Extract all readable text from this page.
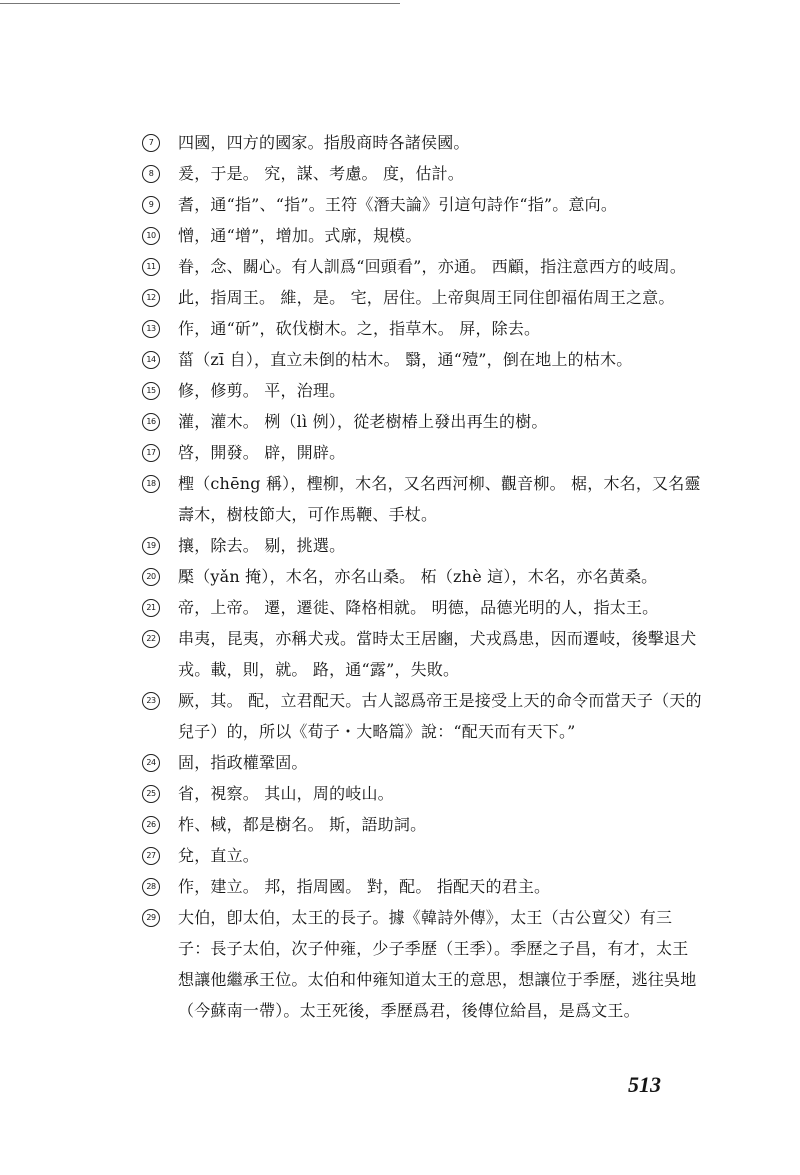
7	四國，四方的國家。指殷商時各諸侯國。
8	爰，于是。 究，謀、考慮。 度，估計。
9	耆，通“指”、“指”。王符《潛夫論》引這句詩作“指”。意向。
10 憎，通“增”，增加。式廓，規模。
11 眷，念、關心。有人訓爲“回頭看”，亦通。 西顧，指注意西方的岐周。
12 此，指周王。 維，是。 宅，居住。上帝與周王同住卽福佑周王之意。
13 作，通“斫”，砍伐樹木。之，指草木。 屏，除去。
14 菑（zī 自），直立未倒的枯木。 翳，通“殪”，倒在地上的枯木。
15 修，修剪。 平，治理。
16 灌，灌木。 栵（lì 例），從老樹椿上發出再生的樹。
17 啓，開發。 辟，開辟。
18 檉（chēng 稱），檉柳，木名，又名西河柳、觀音柳。 椐，木名，又名靈壽木，樹枝節大，可作馬鞭、手杖。
19 攘，除去。 剔，挑選。
20 檿（yǎn 掩），木名，亦名山桑。 柘（zhè 這），木名，亦名黃桑。
21 帝，上帝。 遷，遷徙、降格相就。 明德，品德光明的人，指太王。
22 串夷，昆夷，亦稱犬戎。當時太王居豳，犬戎爲患，因而遷岐，後擊退犬戎。載，則，就。 路，通“露”，失敗。
23 厥，其。 配，立君配天。古人認爲帝王是接受上天的命令而當天子（天的兒子）的，所以《荀子・大略篇》說：“配天而有天下。”
24 固，指政權鞏固。
25 省，視察。 其山，周的岐山。
26 柞、棫，都是樹名。 斯，語助詞。
27 兌，直立。
28 作，建立。 邦，指周國。 對，配。 指配天的君主。
29 大伯，卽太伯，太王的長子。據《韓詩外傳》，太王（古公亶父）有三子：長子太伯，次子仲雍，少子季歷（王季）。季歷之子昌，有才，太王想讓他繼承王位。太伯和仲雍知道太王的意思，想讓位于季歷，逃往吳地（今蘇南一帶）。太王死後，季歷爲君，後傳位給昌，是爲文王。
513
